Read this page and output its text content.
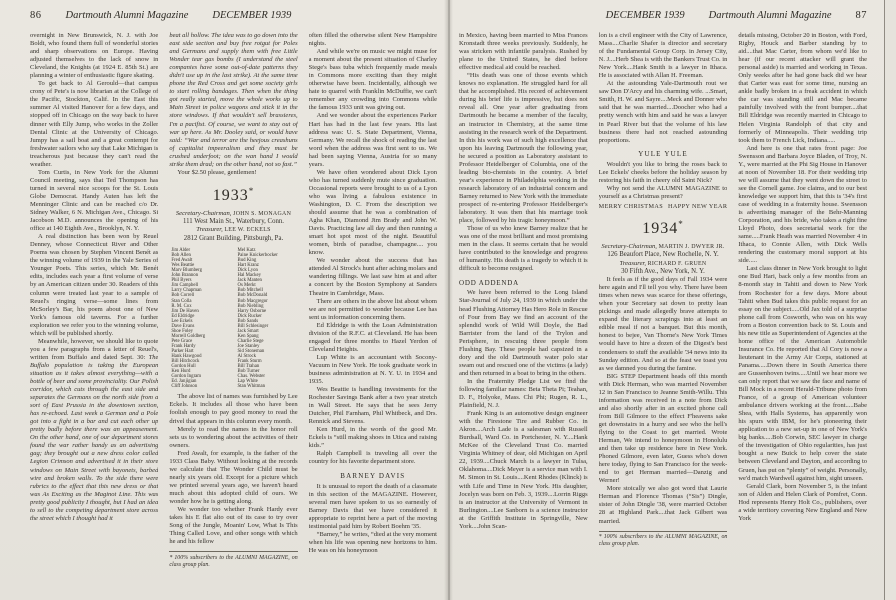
86 Dartmouth Alumni Magazine DECEMBER 1939

overnight in New Brunswick, N. J. with Joe Boldt, who found them full of wonderful stories and sharp observations on Europe. Having adjusted themselves to the lack of snow in Cleveland, the Knights (at 1924 E. 85th St.) are planning a winter of enthusiastic figure skating.

To get back to Al Gerould—that campus crony of Pete's is now librarian at the College of the Pacific, Stockton, Calif. In the East this summer Al visited Hanover for a few days, and stopped off in Chicago on the way back to have dinner with Elly Jump, who works in the Zoller Dental Clinic at the University of Chicago. Jumpy has a sail boat and a great contempt for freshwater sailors who say that Lake Michigan is treacherous just because they can't read the weather.

Tom Curtis, in New York for the Alumni Council meeting, says that Ted Thompson has turned in several nice scoops for the St. Louis Globe Democrat. Handy Auten has left the Menninger Clinic and can be reached c/o Dr. Sidney Walker, 6 N. Michigan Ave., Chicago. Si Jacobson M.D. announces the opening of his office at 140 Eighth Ave., Brooklyn, N. Y.

A real distinction has been won by Reuel Denney, whose Connecticut River and Other Poems was chosen by Stephen Vincent Benét as the winning volume of 1939 in the Yale Series of Younger Poets. This series, which Mr. Benét edits, includes each year a first volume of verse by an American citizen under 30. Readers of this column were treated last year to a sample of Reuel's ringing verse—some lines from McSorley's Bar, his poem about one of New York's famous old taverns. For a further exploration we refer you to the winning volume, which will be published shortly.

Meanwhile, however, we should like to quote you a few paragraphs from a letter of Reuel's, written from Buffalo and dated Sept. 30: The Buffalo population is taking the European situation as it takes almost everything—with a bottle of beer and some provinciality. Our Polish corridor, which cuts through the east side and separates the Germans on the north side from a sort of East Prussia in the downtown section, has re-echoed. Last week a German and a Pole got into a fight in a bar and cut each other up pretty badly before there was an appeasement. On the other hand, one of our department stores found the war rather handy as an advertising gag; they brought out a new dress color called Legion Crimson and advertised it in their store windows on Main Street with bayonets, barbed wire and broken walls. To the side there were rubrics to the effect that this new dress or that was As Exciting as the Maginot Line. This was pretty good publicity I thought, but I had an idea to sell to the competing department store across the street which I thought had it

beat all hollow. The idea was to go down into the east side section and buy free rotgut for Poles and Germans and supply them with free Little Wonder tear gas bombs (I understand the steel companies have some out-of-date patterns they didn't use up in the last strike). At the same time phone the Red Cross and get some society girls to start rolling bandages. Then when the thing got really started, move the whole works up to Main Street in police wagons and stick it in the store windows. If that wouldn't sell brassieres, I'm a pacifist. Of course, we want to stay out of war up here. As Mr. Dooley said, or would have said: “War and terror are the heejous creashuns of capitalist impeeralism and they must be crushed underfoot; on the wan hand I would strike them drad; on the other hand, not so fast.”

Your $2.50 please, gentlemen!

1933*
Secretary-Chairman, JOHN S. MONAGAN
111 West Main St., Waterbury, Conn.
Treasurer, LEE W. ECKELS
2812 Grant Building, Pittsburgh, Pa.
Jim Alder
Bob Allen
Fred Awalt
Wes Beattie
Marv Blumberg
John Brannon
Phil Byers
Jim Campbell
Larry Chapman
Bob Correll
Stan Colla
R. M. Cox
Jim De Haven
Ed Eldridge
Lee Eckels
Dave Evans
Shoe Foley
Morrell Goldberg
Pete Grace
Frank Hardy
Parker Hart
Hank Hawgood
Bill Hitchcock
Gordon Hull
Ken Hurd
Gordon Ingram
Ed. Janjigian
Cliff Johnson
Mel Katz
Paine Knickerbocker
Bud King
Hart Kranz
Dick Lyon
Hal Mackey
Jack Manten
Os Merkt
Bob Mitchell
Bob McDonald
Bob Macgregor
Bob Niebling
Harry Osborne
Dick Rucker
Bob Sands
Bill Schlesinger
Jack Smart
Ken Spang
Charlie Stege
Joe Stanley
Sid Stoneman
Al Strock
Frank Sturm
Bill Trahan
Bob Turner
Chas. Webster
Lap White
Stan Whitman

The above list of names was furnished by Lee Eckels. It includes all those who have been foolish enough to pay good money to read the drivel that appears in this column every month.

Merely to read the names in the honor roll sets us to wondering about the activities of their owners.

Fred Awalt, for example, is the father of the 1933 Class Baby. Without looking at the records we calculate that The Wonder Child must be nearly six years old. Except for a picture which we printed several years ago, we haven't heard much about this adopted child of ours. We wonder how he is getting along.

We wonder too whether Frank Hardy ever takes his E flat alto out of its case to try over Song of the Jungle, Moanin' Low, What Is This Thing Called Love, and other songs with which he and his fellow

* 100% subscribers to the ALUMNI MAGAZINE, on class group plan.

often filled the otherwise silent New Hampshire nights.

And while we're on music we might muse for a moment about the present situation of Charley Stege's bass tuba which frequently made meals in Commons more exciting than they might otherwise have been. Incidentally, although we hate to quarrel with Franklin McDuffie, we can't remember any crowding into Commons while the famous 1933 unit was giving out.

And we wonder about the experiences Parker Hart has had in the last few years. His last address was: U. S. State Department, Vienna, Germany. We recall the shock of reading the last word when the address was first sent to us. We had been saying Vienna, Austria for so many years.

We have often wondered about Dick Lyon who has turned suddenly mute since graduation. Occasional reports were brought to us of a Lyon who was living a fabulous existence in Washington, D. C. From the description we should assume that he was a combination of Agha Khan, Diamond Jim Brady and John W. Davis. Practicing law all day and then running a smart hot spot most of the night. Beautiful women, birds of paradise, champagne.... you know.

We wonder about the success that has attended Al Strock's hunt after aching molars and wandering fillings. We last saw him at and after a concert by the Boston Symphony at Sanders Theatre in Cambridge, Mass.

There are others in the above list about whom we are not permitted to wonder because Lee has sent us information concerning them.

Ed Eldridge is with the Loan Administration division of the R.F.C. at Cleveland. He has been engaged for three months to Hazel Yerdon of Cleveland Heights.

Lup White is an accountant with Socony-Vacuum in New York. He took graduate work in business administration at N. Y. U. in 1934 and 1935.

Wes Beattie is handling investments for the Rochester Savings Bank after a two year stretch in Wall Street. He says that he sees Jerry Dutcher, Phil Farnham, Phil Whitbeck, and Drs. Rennick and Stevens.

Ken Hurd, in the words of the good Mr. Eckels is “still making shoes in Utica and raising kids.”

Ralph Campbell is traveling all over the country for his favorite department store.

BARNEY DAVIS

It is unusual to report the death of a classmate in this section of the MAGAZINE. However, several men have spoken to us so earnestly of Barney Davis that we have considered it appropriate to reprint here a part of the moving testimonial paid him by Robert Boehm '35.

“Barney,” he writes, “died at the very moment when his life was opening new horizons to him. He was on his honeymoon

DECEMBER 1939 Dartmouth Alumni Magazine 87

in Mexico, having been married to Miss Frances Kronstadt three weeks previously. Suddenly, he was stricken with infantile paralysis. Rushed by plane to the United States, he died before effective medical aid could be reached.

“His death was one of those events which knows no explanation. He struggled hard for all that he accomplished. His record of achievement during his brief life is impressive, but does not reveal all. One year after graduating from Dartmouth he became a member of the faculty, an instructor in Chemistry, at the same time assisting in the research work of the Department. In this his work was of such high excellence that upon his leaving Dartmouth the following year, he secured a position as Laboratory assistant to Professor Heidelberger of Columbia, one of the leading bio-chemists in the country. A brief year's experience in Philadelphia working in the research laboratory of an industrial concern and Barney returned to New York with the immediate prospect of re-entering Professor Heidelberger's laboratory. It was then that his marriage took place, followed by his tragic honeymoon.”

Those of us who knew Barney realize that he was one of the most brilliant and most promising men in the class. It seems certain that he would have contributed to the knowledge and progress of humanity. His death is a tragedy to which it is difficult to become resigned.

ODD ADDENDA

We have been referred to the Long Island Star-Journal of July 24, 1939 in which under the head Flushing Attorney Has Hero Role in Rescue of Four from Bay we find an account of the splendid work of Wild Will Doyle, the Bad Barrister from the land of the Trylon and Perisphere, in rescuing three people from Flushing Bay. These people had capsized in a dory and the old Dartmouth water polo star swam out and rescued one of the victims (a lady) and then returned in a boat to bring in the others.

In the Fraternity Pledge List we find the following familiar names: Beta Theta Pi; Teahan, D. F., Holyoke, Mass. Chi Phi; Rugen, R. L., Plainfield, N. J.

Frank King is an automotive design engineer with the Firestone Tire and Rubber Co. in Akron....Arch Lade is a salesman with Russell Burdsall, Ward Co. in Portchester, N. Y....Hank McKee of the Cleveland Trust Co. married Virginia Whitney of dear, old Michigan on April 22, 1939....Chuck March is a lawyer in Tulsa, Oklahoma....Dick Meyer is a service man with I. M. Simon in St. Louis....Kent Rhodes (Klinck) is with Life and Time in New York. His daughter, Jocelyn was born on Feb. 3, 1939....Lorrin Riggs is an instructor at the University of Vermont in Burlington....Lee Sanborn is a science instructor at the Griffith Institute in Springville, New York....John Scan-

lon is a civil engineer with the City of Lawrence, Mass....Charlie Shafer is director and secretary of the Fundamental Group Corp. in Jersey City, N. J....Herb Shea is with the Bankers Trust Co. in New York....Hank Smith is a lawyer in Ithaca. He is associated with Allan H. Freeman.

At the astounding Yale-Dartmouth rout we saw Don D'Arcy and his charming wife. ...Smart, Smith, H. W. and Sayre....Meck and Donner who said that he was married....Doocher who had a pretty wench with him and said he was a lawyer in Pearl River but that the volume of his law business there had not reached astounding proportions.

YULE YULE

Wouldn't you like to bring the roses back to Lee Eckels' cheeks before the holiday season by restoring his faith in cheery old Saint Nick?

Why not send the ALUMNI MAGAZINE to yourself as a Christmas present?

MERRY CHRISTMAS HAPPY NEW YEAR
1934*
Secretary-Chairman, MARTIN J. DWYER JR.
126 Beaufort Place, New Rochelle, N. Y.
Treasurer, RICHARD F. GRUEN
30 Fifth Ave., New York, N. Y.

It feels as if the good days of Fall 1934 were here again and I'll tell you why. There have been times when news was scarce for these offerings, when your Secretary sat down to pretty lean pickings and made allegedly brave attempts to expand the literary scrapings into at least an edible meal if not a banquet. But this month, honest to bejee, Van Thorne's New York Times would have to hire a dozen of the Digest's best condensers to stuff the available '34 news into its Sunday edition. And so at the feast we toast you as we damned you during the famine.

BIG STEP Department heads off this month with Dick Herman, who was married November 12 in San Francisco to Jeanne Smith-Willu. This information was received in a note from Dick and also shortly after in an excited phone call from Bill Gilmore to the effect F'heavens sake get downstairs in a hurry and see who the hell's flying to the Coast to get married. Wrote Herman, We intend to honeymoon in Honolulu and then take up residence here in New York. Phoned Gilmore, even later, Guess who's down here today, flying to San Francisco for the week-end to get Herman married—Danzig and Werner!

More stoically we also got word that Laurie Herman and Florence Thomas (“Sis”) Dingle, sister of John Dingle '38, were married October 28 at Highland Park....that Jack Gilbert was married.

* 100% subscribers to the ALUMNI MAGAZINE, on class group plan.

details missing, October 20 in Boston, with Ford, Rigby, Houck and Barber standing by to aid....that Mac Carter, from whom we'd like to hear (if our recent attacker will grant the personal aside) is married and working in Texas. Only weeks after he had gone back did we hear that Carter was east for some time, nursing an ankle badly broken in a freak accident in which the car was standing still and Mac became painfully involved with the front bumper....that Bill Eldridge was recently married in Chicago to Helen Virginia Randolph of that city and formerly of Minneapolis. Their wedding trip took them to French Lick, Indiana.....

And here is one that rates front page: Joe Swensson and Barbara Joyce Bladen, of Troy, N. Y., were married at the Phi Sig House in Hanover at noon of November 18. For their wedding trip we will assume that they went down the street to see the Cornell game. Joe claims, and to our best knowledge we support him, that this is '34's first case of wedding in a fraternity house. Swensson is advertising manager of the Behr-Manning Corporation, and his bride, who takes a right fine Lloyd Photo, does secretarial work for the same.....Frank Heath was married November 4 in Ithaca, to Connie Allen, with Dick Wells rendering the customary moral support at his side.....

Last class dinner in New York brought to light one Bud Hari, back only a few months from an 8-month stay in Tahiti and down to New York from Rochester for a few days. More about Tahiti when Bud takes this public request for an essay on the subject.....Old Jax told of a surprise phone call from Cosworth, who was on his way from a Boston convention back to St. Louis and his new title as Superintendent of Agencies at the home office of the American Automobile Insurance Co. He reported that Al Cory is now a lieutenant in the Army Air Corps, stationed at Panama.....Down there in South America there are Gussenhoven twins.....Until we hear more we can only report that we saw the face and name of Bill Mock in a recent Herald-Tribune photo from France, of a group of American volunteer ambulance drivers working at the front.....Babe Shea, with Halls Systems, has apparently won his spurs with IBM, for he's pioneering their application to a new set-up in one of New York's big banks.....Bob Corwin, SEC lawyer in charge of the investigation of Ohio regularities, has just bought a new Buick to help cover the state between Cleveland and Dayton, and according to Gruen, has put on “plenty” of weight. Personally, we'd match Wardwell against him, sight unseen.

Gerald Clark, born November 5, is the infant son of Alden and Helen Clark of Pomfret, Conn. Hod represents Henry Holt Co., publishers, over a wide territory covering New England and New York
